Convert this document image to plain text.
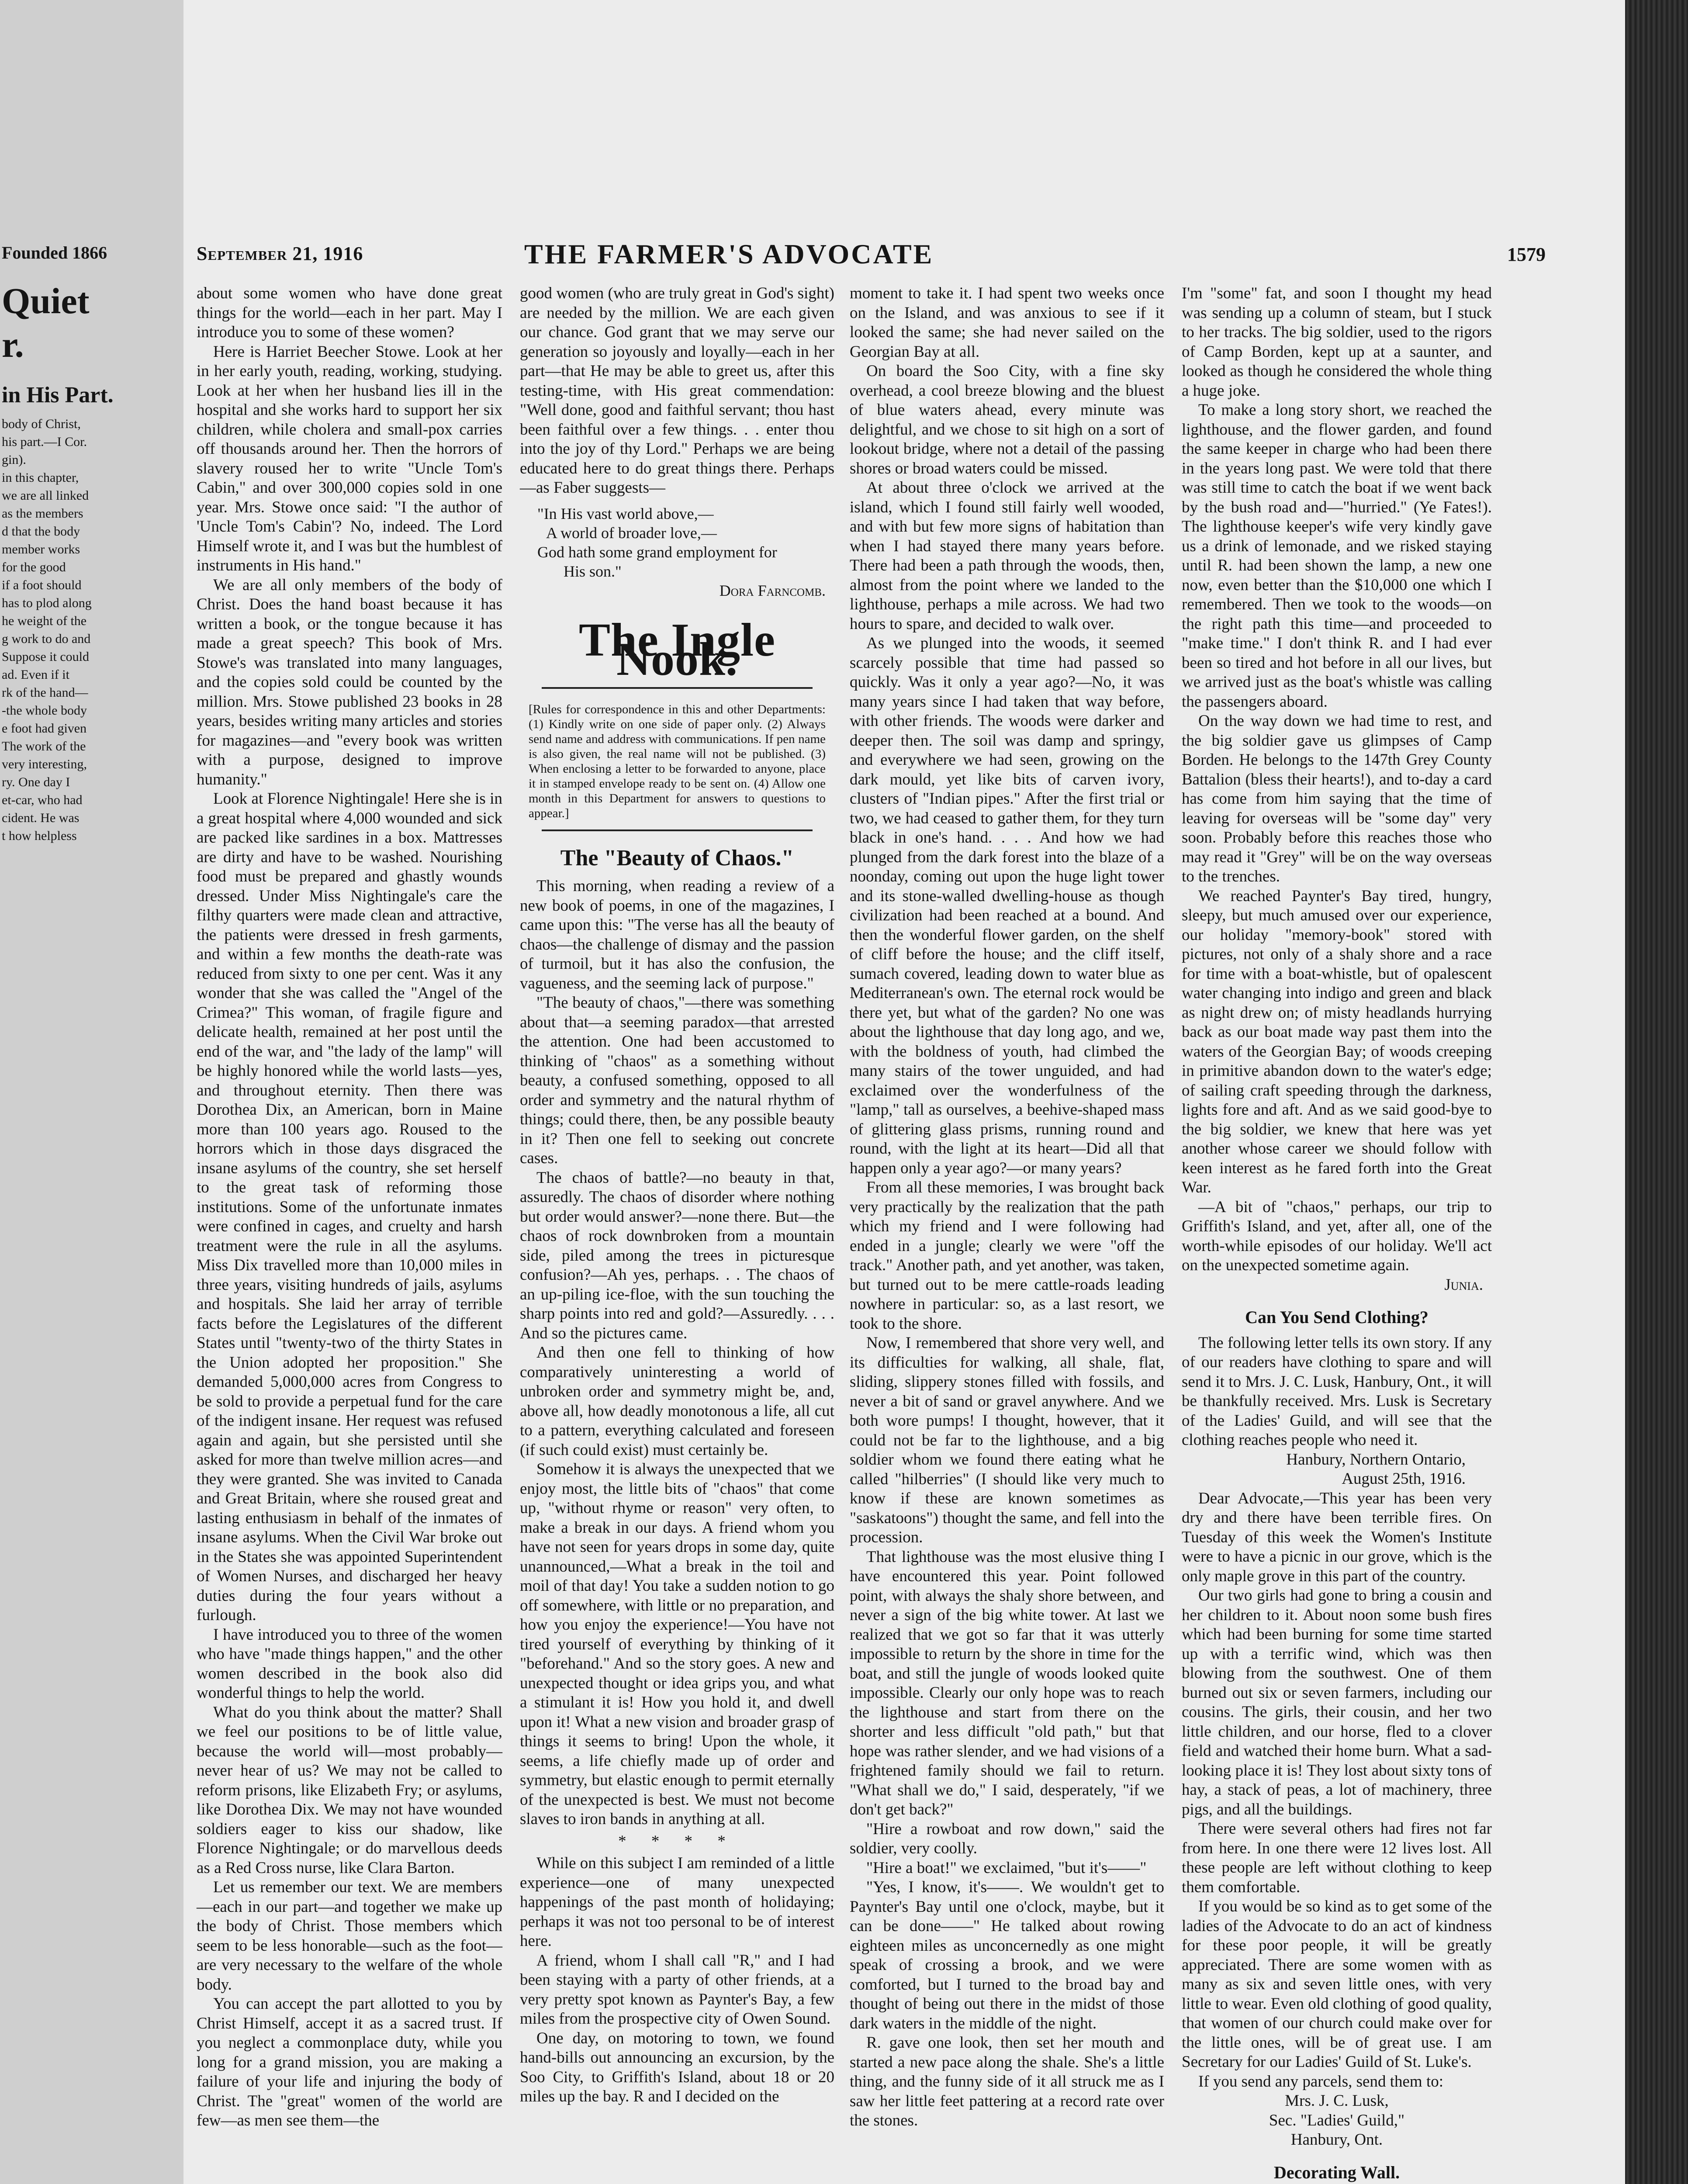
Founded 1866
Quiet
r.
in His Part.
body of Christ,
his part.—I Cor.
gin).
in this chapter,
we are all linked
as the members
d that the body
member works
for the good
if a foot should
has to plod along
he weight of the
g work to do and
Suppose it could
ad. Even if it
rk of the hand—
-the whole body
e foot had given
The work of the
very interesting,
ry. One day I
et-car, who had
cident. He was
t how helpless
September 21, 1916	THE FARMER'S ADVOCATE	1579

about some women who have done great things for the world—each in her part. May I introduce you to some of these women?

Here is Harriet Beecher Stowe. Look at her in her early youth, reading, working, studying. Look at her when her husband lies ill in the hospital and she works hard to support her six children, while cholera and small-pox carries off thousands around her. Then the horrors of slavery roused her to write "Uncle Tom's Cabin," and over 300,000 copies sold in one year. Mrs. Stowe once said: "I the author of 'Uncle Tom's Cabin'? No, indeed. The Lord Himself wrote it, and I was but the humblest of instruments in His hand."

We are all only members of the body of Christ. Does the hand boast because it has written a book, or the tongue because it has made a great speech? This book of Mrs. Stowe's was translated into many languages, and the copies sold could be counted by the million. Mrs. Stowe published 23 books in 28 years, besides writing many articles and stories for magazines—and "every book was written with a purpose, designed to improve humanity."

Look at Florence Nightingale! Here she is in a great hospital where 4,000 wounded and sick are packed like sardines in a box. Mattresses are dirty and have to be washed. Nourishing food must be prepared and ghastly wounds dressed. Under Miss Nightingale's care the filthy quarters were made clean and attractive, the patients were dressed in fresh garments, and within a few months the death-rate was reduced from sixty to one per cent. Was it any wonder that she was called the "Angel of the Crimea?" This woman, of fragile figure and delicate health, remained at her post until the end of the war, and "the lady of the lamp" will be highly honored while the world lasts—yes, and throughout eternity. Then there was Dorothea Dix, an American, born in Maine more than 100 years ago. Roused to the horrors which in those days disgraced the insane asylums of the country, she set herself to the great task of reforming those institutions. Some of the unfortunate inmates were confined in cages, and cruelty and harsh treatment were the rule in all the asylums. Miss Dix travelled more than 10,000 miles in three years, visiting hundreds of jails, asylums and hospitals. She laid her array of terrible facts before the Legislatures of the different States until "twenty-two of the thirty States in the Union adopted her proposition." She demanded 5,000,000 acres from Congress to be sold to provide a perpetual fund for the care of the indigent insane. Her request was refused again and again, but she persisted until she asked for more than twelve million acres—and they were granted. She was invited to Canada and Great Britain, where she roused great and lasting enthusiasm in behalf of the inmates of insane asylums. When the Civil War broke out in the States she was appointed Superintendent of Women Nurses, and discharged her heavy duties during the four years without a furlough.

I have introduced you to three of the women who have "made things happen," and the other women described in the book also did wonderful things to help the world.

What do you think about the matter? Shall we feel our positions to be of little value, because the world will—most probably—never hear of us? We may not be called to reform prisons, like Elizabeth Fry; or asylums, like Dorothea Dix. We may not have wounded soldiers eager to kiss our shadow, like Florence Nightingale; or do marvellous deeds as a Red Cross nurse, like Clara Barton.

Let us remember our text. We are members—each in our part—and together we make up the body of Christ. Those members which seem to be less honorable—such as the foot—are very necessary to the welfare of the whole body.

You can accept the part allotted to you by Christ Himself, accept it as a sacred trust. If you neglect a commonplace duty, while you long for a grand mission, you are making a failure of your life and injuring the body of Christ. The "great" women of the world are few—as men see them—the

good women (who are truly great in God's sight) are needed by the million. We are each given our chance. God grant that we may serve our generation so joyously and loyally—each in her part—that He may be able to greet us, after this testing-time, with His great commendation: "Well done, good and faithful servant; thou hast been faithful over a few things. . . enter thou into the joy of thy Lord." Perhaps we are being educated here to do great things there. Perhaps—as Faber suggests—

"In His vast world above,—
A world of broader love,—
God hath some grand employment for
His son."
Dora Farncomb.
The Ingle Nook.
[Rules for correspondence in this and other Departments: (1) Kindly write on one side of paper only. (2) Always send name and address with communications. If pen name is also given, the real name will not be published. (3) When enclosing a letter to be forwarded to anyone, place it in stamped envelope ready to be sent on. (4) Allow one month in this Department for answers to questions to appear.]
The "Beauty of Chaos."

This morning, when reading a review of a new book of poems, in one of the magazines, I came upon this: "The verse has all the beauty of chaos—the challenge of dismay and the passion of turmoil, but it has also the confusion, the vagueness, and the seeming lack of purpose."

"The beauty of chaos,"—there was something about that—a seeming paradox—that arrested the attention. One had been accustomed to thinking of "chaos" as a something without beauty, a confused something, opposed to all order and symmetry and the natural rhythm of things; could there, then, be any possible beauty in it? Then one fell to seeking out concrete cases.

The chaos of battle?—no beauty in that, assuredly. The chaos of disorder where nothing but order would answer?—none there. But—the chaos of rock downbroken from a mountain side, piled among the trees in picturesque confusion?—Ah yes, perhaps. . . The chaos of an up-piling ice-floe, with the sun touching the sharp points into red and gold?—Assuredly. . . . And so the pictures came.

And then one fell to thinking of how comparatively uninteresting a world of unbroken order and symmetry might be, and, above all, how deadly monotonous a life, all cut to a pattern, everything calculated and foreseen (if such could exist) must certainly be.

Somehow it is always the unexpected that we enjoy most, the little bits of "chaos" that come up, "without rhyme or reason" very often, to make a break in our days. A friend whom you have not seen for years drops in some day, quite unannounced,—What a break in the toil and moil of that day! You take a sudden notion to go off somewhere, with little or no preparation, and how you enjoy the experience!—You have not tired yourself of everything by thinking of it "beforehand." And so the story goes. A new and unexpected thought or idea grips you, and what a stimulant it is! How you hold it, and dwell upon it! What a new vision and broader grasp of things it seems to bring! Upon the whole, it seems, a life chiefly made up of order and symmetry, but elastic enough to permit eternally of the unexpected is best. We must not become slaves to iron bands in anything at all.

* * * *

While on this subject I am reminded of a little experience—one of many unexpected happenings of the past month of holidaying; perhaps it was not too personal to be of interest here.

A friend, whom I shall call "R," and I had been staying with a party of other friends, at a very pretty spot known as Paynter's Bay, a few miles from the prospective city of Owen Sound.

One day, on motoring to town, we found hand-bills out announcing an excursion, by the Soo City, to Griffith's Island, about 18 or 20 miles up the bay. R and I decided on the

moment to take it. I had spent two weeks once on the Island, and was anxious to see if it looked the same; she had never sailed on the Georgian Bay at all.

On board the Soo City, with a fine sky overhead, a cool breeze blowing and the bluest of blue waters ahead, every minute was delightful, and we chose to sit high on a sort of lookout bridge, where not a detail of the passing shores or broad waters could be missed.

At about three o'clock we arrived at the island, which I found still fairly well wooded, and with but few more signs of habitation than when I had stayed there many years before. There had been a path through the woods, then, almost from the point where we landed to the lighthouse, perhaps a mile across. We had two hours to spare, and decided to walk over.

As we plunged into the woods, it seemed scarcely possible that time had passed so quickly. Was it only a year ago?—No, it was many years since I had taken that way before, with other friends. The woods were darker and deeper then. The soil was damp and springy, and everywhere we had seen, growing on the dark mould, yet like bits of carven ivory, clusters of "Indian pipes." After the first trial or two, we had ceased to gather them, for they turn black in one's hand. . . . And how we had plunged from the dark forest into the blaze of a noonday, coming out upon the huge light tower and its stone-walled dwelling-house as though civilization had been reached at a bound. And then the wonderful flower garden, on the shelf of cliff before the house; and the cliff itself, sumach covered, leading down to water blue as Mediterranean's own. The eternal rock would be there yet, but what of the garden? No one was about the lighthouse that day long ago, and we, with the boldness of youth, had climbed the many stairs of the tower unguided, and had exclaimed over the wonderfulness of the "lamp," tall as ourselves, a beehive-shaped mass of glittering glass prisms, running round and round, with the light at its heart—Did all that happen only a year ago?—or many years?

From all these memories, I was brought back very practically by the realization that the path which my friend and I were following had ended in a jungle; clearly we were "off the track." Another path, and yet another, was taken, but turned out to be mere cattle-roads leading nowhere in particular: so, as a last resort, we took to the shore.

Now, I remembered that shore very well, and its difficulties for walking, all shale, flat, sliding, slippery stones filled with fossils, and never a bit of sand or gravel anywhere. And we both wore pumps! I thought, however, that it could not be far to the lighthouse, and a big soldier whom we found there eating what he called "hilberries" (I should like very much to know if these are known sometimes as "saskatoons") thought the same, and fell into the procession.

That lighthouse was the most elusive thing I have encountered this year. Point followed point, with always the shaly shore between, and never a sign of the big white tower. At last we realized that we got so far that it was utterly impossible to return by the shore in time for the boat, and still the jungle of woods looked quite impossible. Clearly our only hope was to reach the lighthouse and start from there on the shorter and less difficult "old path," but that hope was rather slender, and we had visions of a frightened family should we fail to return. "What shall we do," I said, desperately, "if we don't get back?"

"Hire a rowboat and row down," said the soldier, very coolly.

"Hire a boat!" we exclaimed, "but it's——"

"Yes, I know, it's——. We wouldn't get to Paynter's Bay until one o'clock, maybe, but it can be done——" He talked about rowing eighteen miles as unconcernedly as one might speak of crossing a brook, and we were comforted, but I turned to the broad bay and thought of being out there in the midst of those dark waters in the middle of the night.

R. gave one look, then set her mouth and started a new pace along the shale. She's a little thing, and the funny side of it all struck me as I saw her little feet pattering at a record rate over the stones.

I'm "some" fat, and soon I thought my head was sending up a column of steam, but I stuck to her tracks. The big soldier, used to the rigors of Camp Borden, kept up at a saunter, and looked as though he considered the whole thing a huge joke.

To make a long story short, we reached the lighthouse, and the flower garden, and found the same keeper in charge who had been there in the years long past. We were told that there was still time to catch the boat if we went back by the bush road and—"hurried." (Ye Fates!). The lighthouse keeper's wife very kindly gave us a drink of lemonade, and we risked staying until R. had been shown the lamp, a new one now, even better than the $10,000 one which I remembered. Then we took to the woods—on the right path this time—and proceeded to "make time." I don't think R. and I had ever been so tired and hot before in all our lives, but we arrived just as the boat's whistle was calling the passengers aboard.

On the way down we had time to rest, and the big soldier gave us glimpses of Camp Borden. He belongs to the 147th Grey County Battalion (bless their hearts!), and to-day a card has come from him saying that the time of leaving for overseas will be "some day" very soon. Probably before this reaches those who may read it "Grey" will be on the way overseas to the trenches.

We reached Paynter's Bay tired, hungry, sleepy, but much amused over our experience, our holiday "memory-book" stored with pictures, not only of a shaly shore and a race for time with a boat-whistle, but of opalescent water changing into indigo and green and black as night drew on; of misty headlands hurrying back as our boat made way past them into the waters of the Georgian Bay; of woods creeping in primitive abandon down to the water's edge; of sailing craft speeding through the darkness, lights fore and aft. And as we said good-bye to the big soldier, we knew that here was yet another whose career we should follow with keen interest as he fared forth into the Great War.

—A bit of "chaos," perhaps, our trip to Griffith's Island, and yet, after all, one of the worth-while episodes of our holiday. We'll act on the unexpected sometime again.

Junia.
Can You Send Clothing?

The following letter tells its own story. If any of our readers have clothing to spare and will send it to Mrs. J. C. Lusk, Hanbury, Ont., it will be thankfully received. Mrs. Lusk is Secretary of the Ladies' Guild, and will see that the clothing reaches people who need it.

Hanbury, Northern Ontario,
August 25th, 1916.

Dear Advocate,—This year has been very dry and there have been terrible fires. On Tuesday of this week the Women's Institute were to have a picnic in our grove, which is the only maple grove in this part of the country.

Our two girls had gone to bring a cousin and her children to it. About noon some bush fires which had been burning for some time started up with a terrific wind, which was then blowing from the southwest. One of them burned out six or seven farmers, including our cousins. The girls, their cousin, and her two little children, and our horse, fled to a clover field and watched their home burn. What a sad-looking place it is! They lost about sixty tons of hay, a stack of peas, a lot of machinery, three pigs, and all the buildings.

There were several others had fires not far from here. In one there were 12 lives lost. All these people are left without clothing to keep them comfortable.

If you would be so kind as to get some of the ladies of the Advocate to do an act of kindness for these poor people, it will be greatly appreciated. There are some women with as many as six and seven little ones, with very little to wear. Even old clothing of good quality, that women of our church could make over for the little ones, will be of great use. I am Secretary for our Ladies' Guild of St. Luke's.

If you send any parcels, send them to:

Mrs. J. C. Lusk,
Sec. "Ladies' Guild,"
Hanbury, Ont.
Decorating Wall.
